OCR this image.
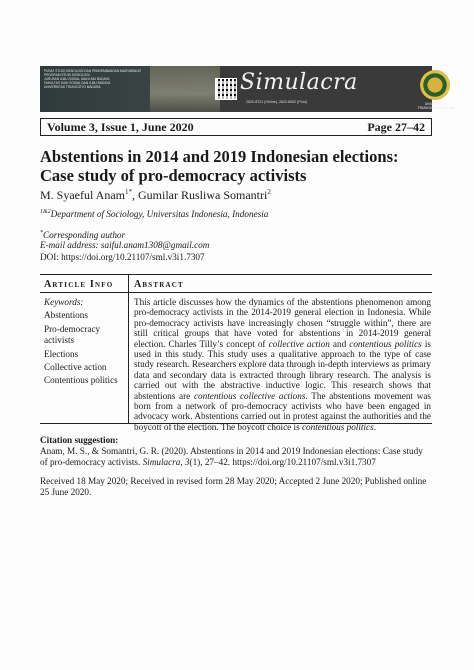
PUSAT STUDI SOSIOLOGI DAN PENGEMBANGAN MASYARAKAT
PROGRAM STUDI SOSIOLOGI
JURUSAN ILMU SOSIAL DAN ILMU BUDAYA
FAKULTAS ILMU SOSIAL DAN ILMU BUDAYA
UNIVERSITAS TRUNOJOYO MADURA	Simulacra
2620-8721 (Online), 2622-6952 (Print)	UNIVERSITAS
TRUNOJOYO MADURA
Volume 3, Issue 1, June 2020	Page 27–42
Abstentions in 2014 and 2019 Indonesian elections: Case study of pro-democracy activists
M. Syaeful Anam$^{1*}$, Gumilar Rusliwa Somantri$^2$
$^{1\&2}$Department of Sociology, Universitas Indonesia, Indonesia
*Corresponding author
E-mail address: saiful.anam1308@gmail.com
DOI: https://doi.org/10.21107/sml.v3i1.7307
Article Info Abstract
Keywords:
Abstentions
Pro-democracy activists
Elections
Collective action
Contentious politics

This article discusses how the dynamics of the abstentions phenomenon among pro-democracy activists in the 2014-2019 general election in Indonesia. While pro-democracy activists have increasingly chosen “struggle within”, there are still critical groups that have voted for abstentions in 2014-2019 general election. Charles Tilly’s concept of collective action and contentious politics is used in this study. This study uses a qualitative approach to the type of case study research. Researchers explore data through in-depth interviews as primary data and secondary data is extracted through library research. The analysis is carried out with the abstractive inductive logic. This research shows that abstentions are contentious collective actions. The abstentions movement was born from a network of pro-democracy activists who have been engaged in advocacy work. Abstentions carried out in protest against the authorities and the boycott of the election. The boycott choice is contentious politics.

Citation suggestion:
Anam, M. S., & Somantri, G. R. (2020). Abstentions in 2014 and 2019 Indonesian elections: Case study of pro-democracy activists. Simulacra, 3(1), 27–42. https://doi.org/10.21107/sml.v3i1.7307
Received 18 May 2020; Received in revised form 28 May 2020; Accepted 2 June 2020; Published online 25 June 2020.
